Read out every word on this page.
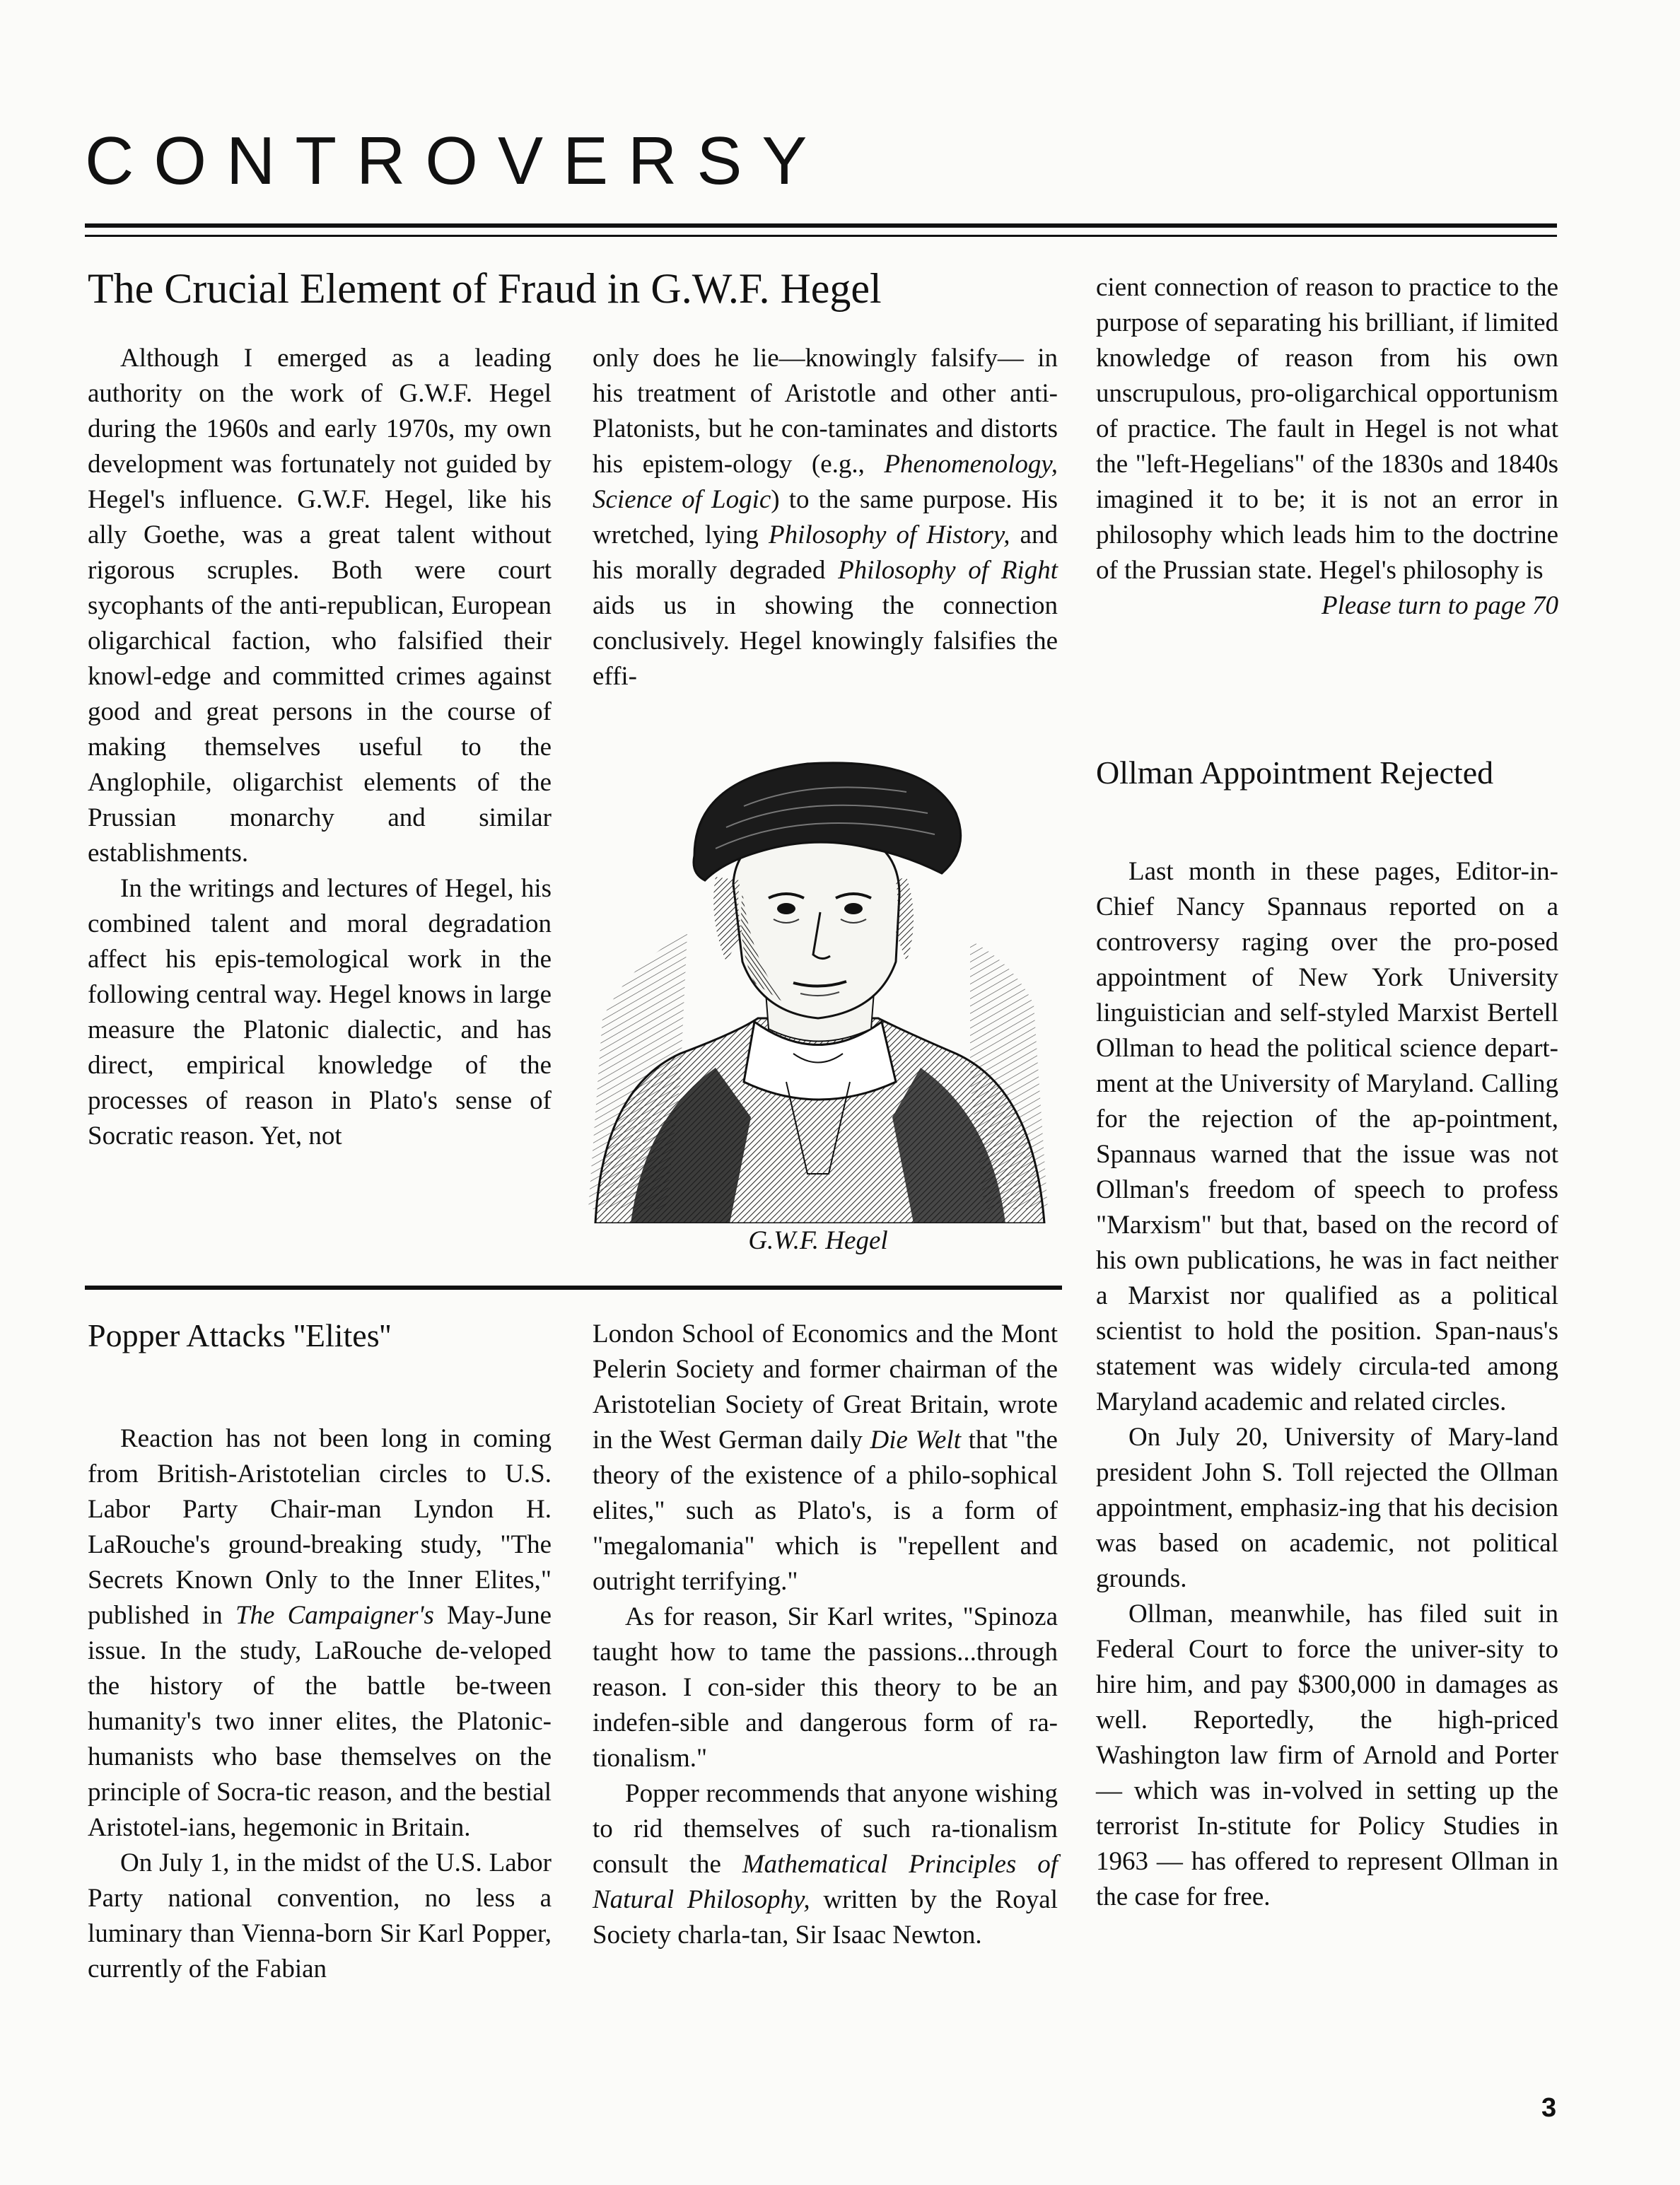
CONTROVERSY
The Crucial Element of Fraud in G.W.F. Hegel

Although I emerged as a leading authority on the work of G.W.F. Hegel during the 1960s and early 1970s, my own development was fortunately not guided by Hegel's influence. G.W.F. Hegel, like his ally Goethe, was a great talent without rigorous scruples. Both were court sycophants of the anti-republican, European oligarchical faction, who falsified their knowl-edge and committed crimes against good and great persons in the course of making themselves useful to the Anglophile, oligarchist elements of the Prussian monarchy and similar establishments.

In the writings and lectures of Hegel, his combined talent and moral degradation affect his epis-temological work in the following central way. Hegel knows in large measure the Platonic dialectic, and has direct, empirical knowledge of the processes of reason in Plato's sense of Socratic reason. Yet, not

only does he lie—knowingly falsify— in his treatment of Aristotle and other anti-Platonists, but he con-taminates and distorts his epistem-ology (e.g., Phenomenology, Science of Logic) to the same purpose. His wretched, lying Philosophy of History, and his morally degraded Philosophy of Right aids us in showing the connection conclusively. Hegel knowingly falsifies the effi-

G.W.F. Hegel

cient connection of reason to practice to the purpose of separating his brilliant, if limited knowledge of reason from his own unscrupulous, pro-oligarchical opportunism of practice. The fault in Hegel is not what the "left-Hegelians" of the 1830s and 1840s imagined it to be; it is not an error in philosophy which leads him to the doctrine of the Prussian state. Hegel's philosophy is

Please turn to page 70

Ollman Appointment Rejected

Last month in these pages, Editor-in-Chief Nancy Spannaus reported on a controversy raging over the pro-posed appointment of New York University linguistician and self-styled Marxist Bertell Ollman to head the political science depart-ment at the University of Maryland. Calling for the rejection of the ap-pointment, Spannaus warned that the issue was not Ollman's freedom of speech to profess "Marxism" but that, based on the record of his own publications, he was in fact neither a Marxist nor qualified as a political scientist to hold the position. Span-naus's statement was widely circula-ted among Maryland academic and related circles.

On July 20, University of Mary-land president John S. Toll rejected the Ollman appointment, emphasiz-ing that his decision was based on academic, not political grounds.

Ollman, meanwhile, has filed suit in Federal Court to force the univer-sity to hire him, and pay $300,000 in damages as well. Reportedly, the high-priced Washington law firm of Arnold and Porter — which was in-volved in setting up the terrorist In-stitute for Policy Studies in 1963 — has offered to represent Ollman in the case for free.

Popper Attacks ''Elites''

Reaction has not been long in coming from British-Aristotelian circles to U.S. Labor Party Chair-man Lyndon H. LaRouche's ground-breaking study, "The Secrets Known Only to the Inner Elites," published in The Campaigner's May-June issue. In the study, LaRouche de-veloped the history of the battle be-tween humanity's two inner elites, the Platonic-humanists who base themselves on the principle of Socra-tic reason, and the bestial Aristotel-ians, hegemonic in Britain.

On July 1, in the midst of the U.S. Labor Party national convention, no less a luminary than Vienna-born Sir Karl Popper, currently of the Fabian

London School of Economics and the Mont Pelerin Society and former chairman of the Aristotelian Society of Great Britain, wrote in the West German daily Die Welt that "the theory of the existence of a philo-sophical elites," such as Plato's, is a form of "megalomania" which is "repellent and outright terrifying."

As for reason, Sir Karl writes, "Spinoza taught how to tame the passions...through reason. I con-sider this theory to be an indefen-sible and dangerous form of ra-tionalism."

Popper recommends that anyone wishing to rid themselves of such ra-tionalism consult the Mathematical Principles of Natural Philosophy, written by the Royal Society charla-tan, Sir Isaac Newton.

3
